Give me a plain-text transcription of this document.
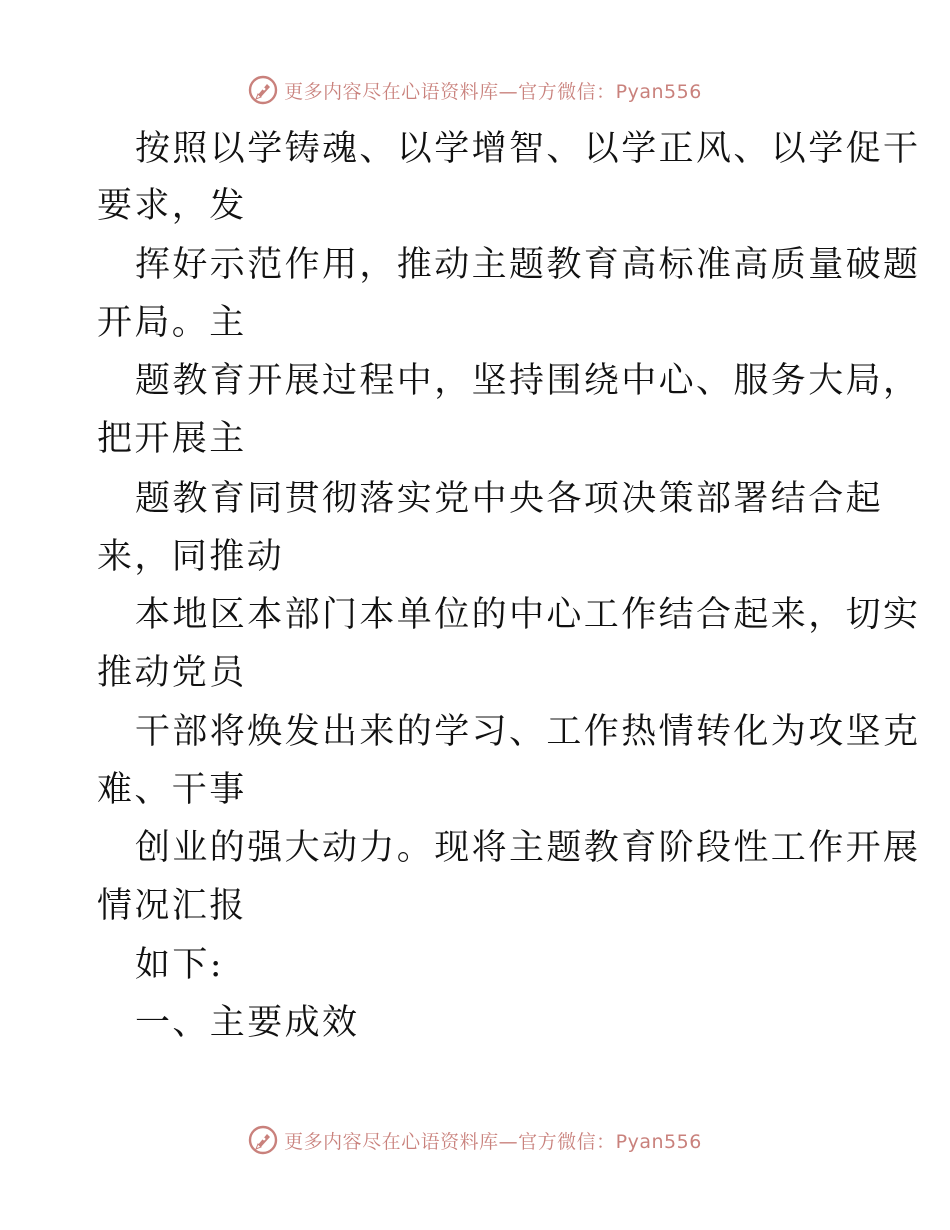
更多内容尽在心语资料库—官方微信：Pyan556
按照以学铸魂、以学增智、以学正风、以学促干
要求，发
挥好示范作用，推动主题教育高标准高质量破题
开局。主
题教育开展过程中，坚持围绕中心、服务大局，
把开展主
题教育同贯彻落实党中央各项决策部署结合起
来，同推动
本地区本部门本单位的中心工作结合起来，切实
推动党员
干部将焕发出来的学习、工作热情转化为攻坚克
难、干事
创业的强大动力。现将主题教育阶段性工作开展
情况汇报
如下:
一、主要成效
更多内容尽在心语资料库—官方微信：Pyan556
